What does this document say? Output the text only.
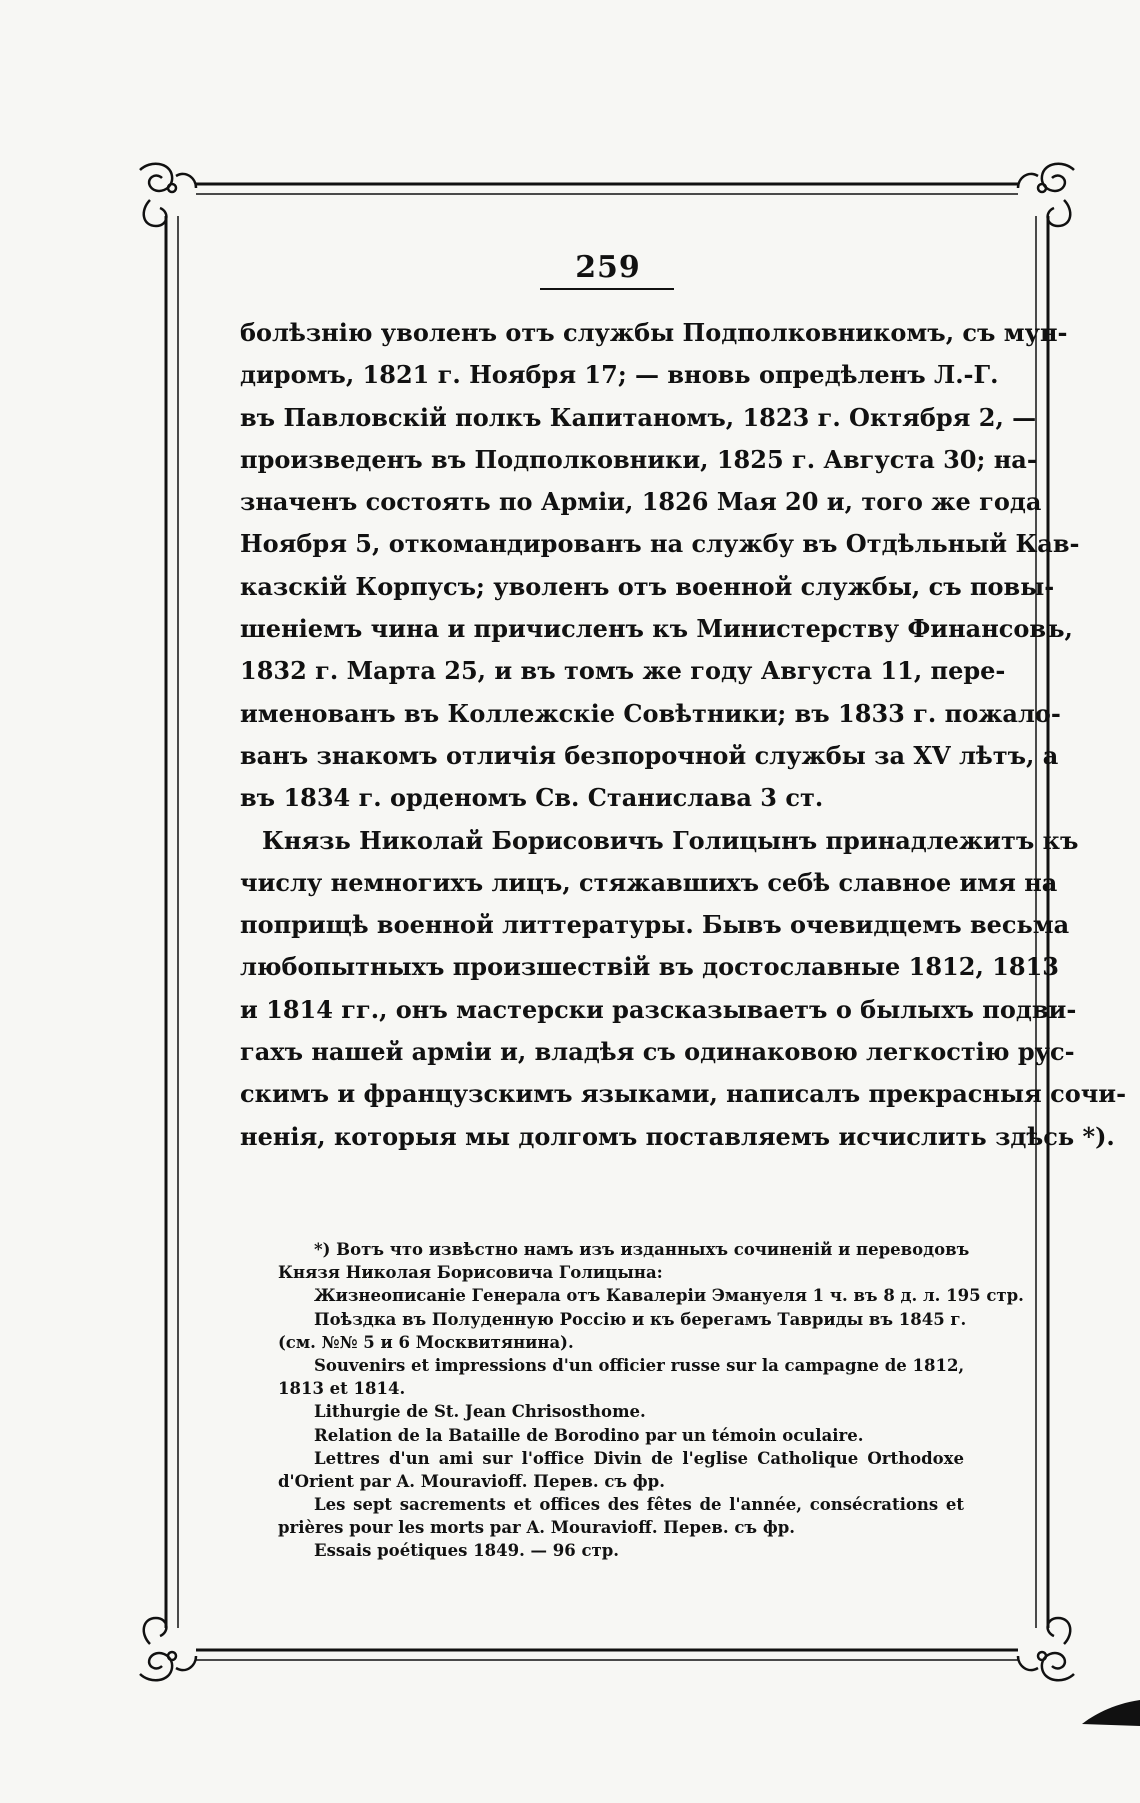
259
болѣзнію уволенъ отъ службы Подполковникомъ, съ мун-
диромъ, 1821 г. Ноября 17; — вновь опредѣленъ Л.-Г.
въ Павловскій полкъ Капитаномъ, 1823 г. Октября 2, —
произведенъ въ Подполковники, 1825 г. Августа 30; на-
значенъ состоять по Арміи, 1826 Мая 20 и, того же года
Ноября 5, откомандированъ на службу въ Отдѣльный Кав-
казскій Корпусъ; уволенъ отъ военной службы, съ повы-
шеніемъ чина и причисленъ къ Министерству Финансовъ,
1832 г. Марта 25, и въ томъ же году Августа 11, пере-
именованъ въ Коллежскіе Совѣтники; въ 1833 г. пожало-
ванъ знакомъ отличія безпорочной службы за XV лѣтъ, а
въ 1834 г. орденомъ Св. Станислава 3 ст.
Князь Николай Борисовичъ Голицынъ принадлежитъ къ
числу немногихъ лицъ, стяжавшихъ себѣ славное имя на
поприщѣ военной литтературы. Бывъ очевидцемъ весьма
любопытныхъ произшествій въ достославные 1812, 1813
и 1814 гг., онъ мастерски разсказываетъ о былыхъ подви-
гахъ нашей арміи и, владѣя съ одинаковою легкостію рус-
скимъ и французскимъ языками, написалъ прекрасныя сочи-
ненія, которыя мы долгомъ поставляемъ исчислить здѣсь *).
*) Вотъ что извѣстно намъ изъ изданныхъ сочиненій и переводовъ
Князя Николая Борисовича Голицына:
Жизнеописаніе Генерала отъ Кавалеріи Эмануеля 1 ч. въ 8 д. л. 195 стр.
Поѣздка въ Полуденную Россію и къ берегамъ Тавриды въ 1845 г.
(см. №№ 5 и 6 Москвитянина).
Souvenirs et impressions d'un officier russe sur la campagne de 1812,
1813 et 1814.
Lithurgie de St. Jean Chrisosthome.
Relation de la Bataille de Borodino par un témoin oculaire.
Lettres d'un ami sur l'office Divin de l'eglise Catholique Orthodoxe
d'Orient par A. Mouravioff. Перев. съ фр.
Les sept sacrements et offices des fêtes de l'année, consécrations et
prières pour les morts par A. Mouravioff. Перев. съ фр.
Essais poétiques 1849. — 96 стр.
